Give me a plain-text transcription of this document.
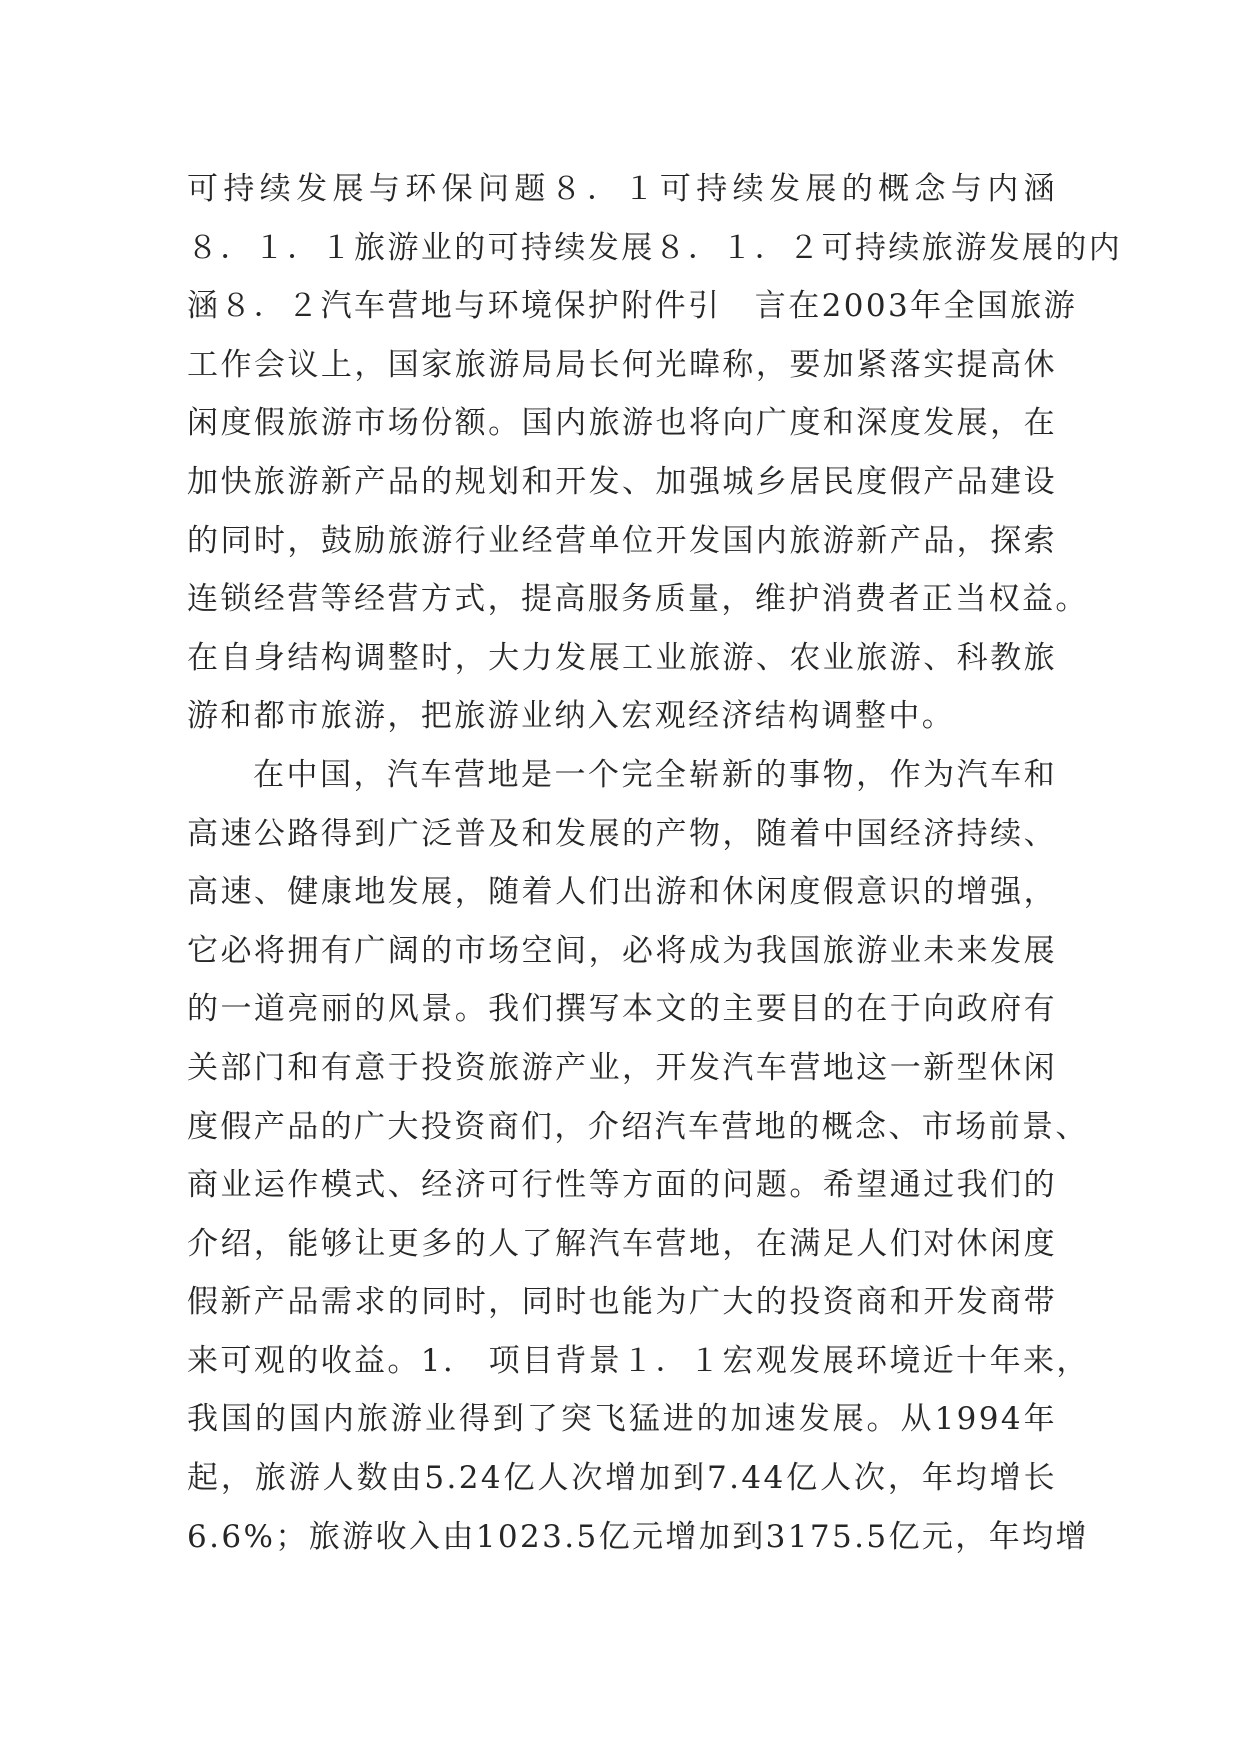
可持续发展与环保问题８．１可持续发展的概念与内涵
８．１．１旅游业的可持续发展８．１．２可持续旅游发展的内
涵８．２汽车营地与环境保护附件引　言在2003年全国旅游
工作会议上，国家旅游局局长何光暐称，要加紧落实提高休
闲度假旅游市场份额。国内旅游也将向广度和深度发展，在
加快旅游新产品的规划和开发、加强城乡居民度假产品建设
的同时，鼓励旅游行业经营单位开发国内旅游新产品，探索
连锁经营等经营方式，提高服务质量，维护消费者正当权益。
在自身结构调整时，大力发展工业旅游、农业旅游、科教旅
游和都市旅游，把旅游业纳入宏观经济结构调整中。
在中国，汽车营地是一个完全崭新的事物，作为汽车和
高速公路得到广泛普及和发展的产物，随着中国经济持续、
高速、健康地发展，随着人们出游和休闲度假意识的增强，
它必将拥有广阔的市场空间，必将成为我国旅游业未来发展
的一道亮丽的风景。我们撰写本文的主要目的在于向政府有
关部门和有意于投资旅游产业，开发汽车营地这一新型休闲
度假产品的广大投资商们，介绍汽车营地的概念、市场前景、
商业运作模式、经济可行性等方面的问题。希望通过我们的
介绍，能够让更多的人了解汽车营地，在满足人们对休闲度
假新产品需求的同时，同时也能为广大的投资商和开发商带
来可观的收益。1.　项目背景１．１宏观发展环境近十年来，
我国的国内旅游业得到了突飞猛进的加速发展。从1994年
起，旅游人数由5.24亿人次增加到7.44亿人次，年均增长
6.6%；旅游收入由1023.5亿元增加到3175.5亿元，年均增
